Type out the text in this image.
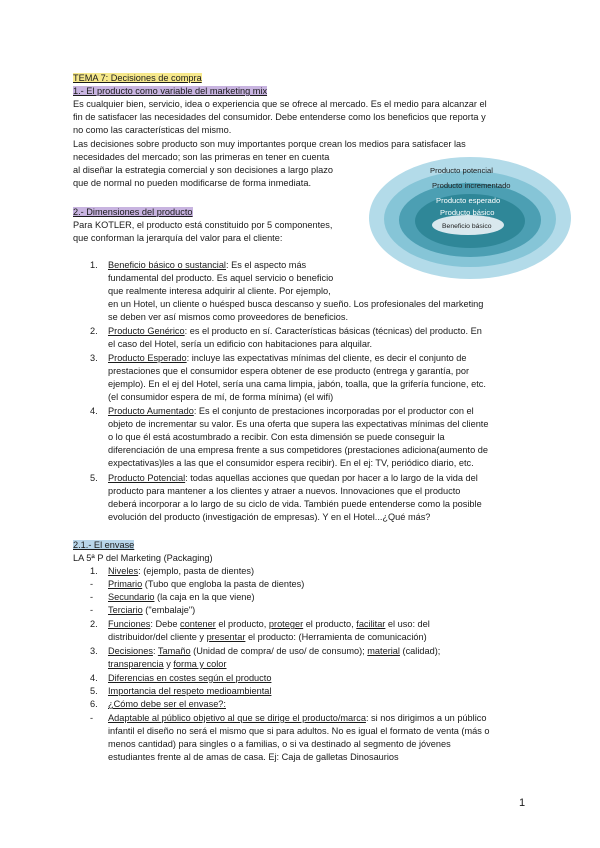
TEMA 7: Decisiones de compra
1.- El producto como variable del marketing mix
Es cualquier bien, servicio, idea o experiencia que se ofrece al mercado. Es el medio para alcanzar el
fin de satisfacer las necesidades del consumidor. Debe entenderse como los beneficios que reporta y
no como las características del mismo.
Las decisiones sobre producto son muy importantes porque crean los medios para satisfacer las
necesidades del mercado; son las primeras en tener en cuenta
al diseñar la estrategia comercial y son decisiones a largo plazo
que de normal no pueden modificarse de forma inmediata.
Producto potencial
Producto incrementado
Producto esperado
Producto básico
Beneficio básico
2.- Dimensiones del producto
Para KOTLER, el producto está constituido por 5 componentes,
que conforman la jerarquía del valor para el cliente:
1. Beneficio básico o sustancial: Es el aspecto más
fundamental del producto. Es aquel servicio o beneficio
que realmente interesa adquirir al cliente. Por ejemplo,
en un Hotel, un cliente o huésped busca descanso y sueño. Los profesionales del marketing
se deben ver así mismos como proveedores de beneficios.
2. Producto Genérico: es el producto en sí. Características básicas (técnicas) del producto. En
el caso del Hotel, sería un edificio con habitaciones para alquilar.
3. Producto Esperado: incluye las expectativas mínimas del cliente, es decir el conjunto de
prestaciones que el consumidor espera obtener de ese producto (entrega y garantía, por
ejemplo). En el ej del Hotel, sería una cama limpia, jabón, toalla, que la grifería funcione, etc.
(el consumidor espera de mí, de forma mínima) (el wifi)
4. Producto Aumentado: Es el conjunto de prestaciones incorporadas por el productor con el
objeto de incrementar su valor. Es una oferta que supera las expectativas mínimas del cliente
o lo que él está acostumbrado a recibir. Con esta dimensión se puede conseguir la
diferenciación de una empresa frente a sus competidores (prestaciones adiciona(aumento de
expectativas)les a las que el consumidor espera recibir). En el ej: TV, periódico diario, etc.
5. Producto Potencial: todas aquellas acciones que quedan por hacer a lo largo de la vida del
producto para mantener a los clientes y atraer a nuevos. Innovaciones que el producto
deberá incorporar a lo largo de su ciclo de vida. También puede entenderse como la posible
evolución del producto (investigación de empresas). Y en el Hotel...¿Qué más?
2.1.- El envase
LA 5ª P del Marketing (Packaging)
1. Niveles: (ejemplo, pasta de dientes)
- Primario (Tubo que engloba la pasta de dientes)
- Secundario (la caja en la que viene)
- Terciario ("embalaje")
2. Funciones: Debe contener el producto, proteger el producto, facilitar el uso: del
distribuidor/del cliente y presentar el producto: (Herramienta de comunicación)
3. Decisiones: Tamaño (Unidad de compra/ de uso/ de consumo); material (calidad);
transparencia y forma y color
4. Diferencias en costes según el producto
5. Importancia del respeto medioambiental
6. ¿Cómo debe ser el envase?:
- Adaptable al público objetivo al que se dirige el producto/marca: si nos dirigimos a un público
infantil el diseño no será el mismo que si para adultos. No es igual el formato de venta (más o
menos cantidad) para singles o a familias, o si va destinado al segmento de jóvenes
estudiantes frente al de amas de casa. Ej: Caja de galletas Dinosaurios
1
